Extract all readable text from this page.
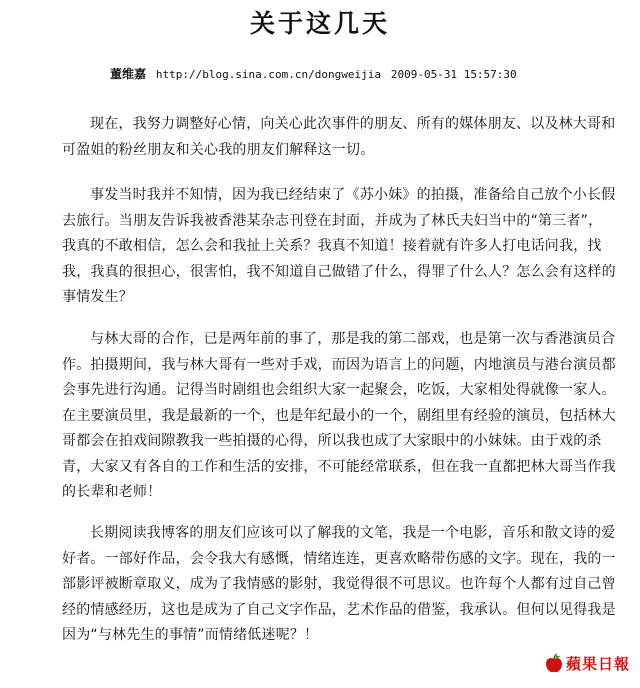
关于这几天
董维嘉 http://blog.sina.com.cn/dongweijia 2009-05-31 15:57:30

现在，我努力调整好心情，向关心此次事件的朋友、所有的媒体朋友、以及林大哥和可盈姐的粉丝朋友和关心我的朋友们解释这一切。

事发当时我并不知情，因为我已经结束了《苏小妹》的拍摄，准备给自己放个小长假去旅行。当朋友告诉我被香港某杂志刊登在封面，并成为了林氏夫妇当中的“第三者”，我真的不敢相信，怎么会和我扯上关系？我真不知道！接着就有许多人打电话问我，找我，我真的很担心，很害怕，我不知道自己做错了什么，得罪了什么人？怎么会有这样的事情发生？

与林大哥的合作，已是两年前的事了，那是我的第二部戏，也是第一次与香港演员合作。拍摄期间，我与林大哥有一些对手戏，而因为语言上的问题，内地演员与港台演员都会事先进行沟通。记得当时剧组也会组织大家一起聚会，吃饭，大家相处得就像一家人。在主要演员里，我是最新的一个，也是年纪最小的一个，剧组里有经验的演员，包括林大哥都会在拍戏间隙教我一些拍摄的心得，所以我也成了大家眼中的小妹妹。由于戏的杀青，大家又有各自的工作和生活的安排，不可能经常联系，但在我一直都把林大哥当作我的长辈和老师！

长期阅读我博客的朋友们应该可以了解我的文笔，我是一个电影，音乐和散文诗的爱好者。一部好作品，会令我大有感慨，情绪连连，更喜欢略带伤感的文字。现在，我的一部影评被断章取义，成为了我情感的影射，我觉得很不可思议。也许每个人都有过自己曾经的情感经历，这也是成为了自己文字作品，艺术作品的借鉴，我承认。但何以见得我是因为“与林先生的事情”而情绪低迷呢？！

蘋果日報
